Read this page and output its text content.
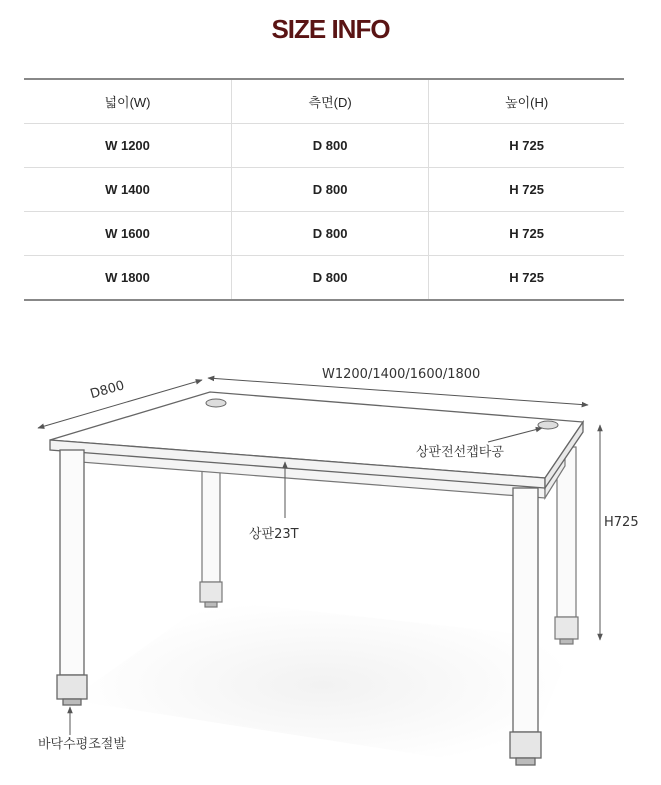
SIZE INFO
넓이(W)	측면(D)	높이(H)
W 1200	D 800	H 725
W 1400	D 800	H 725
W 1600	D 800	H 725
W 1800	D 800	H 725
D800
W1200/1400/1600/1800
H725
상판전선캡타공
상판23T
바닥수평조절발
